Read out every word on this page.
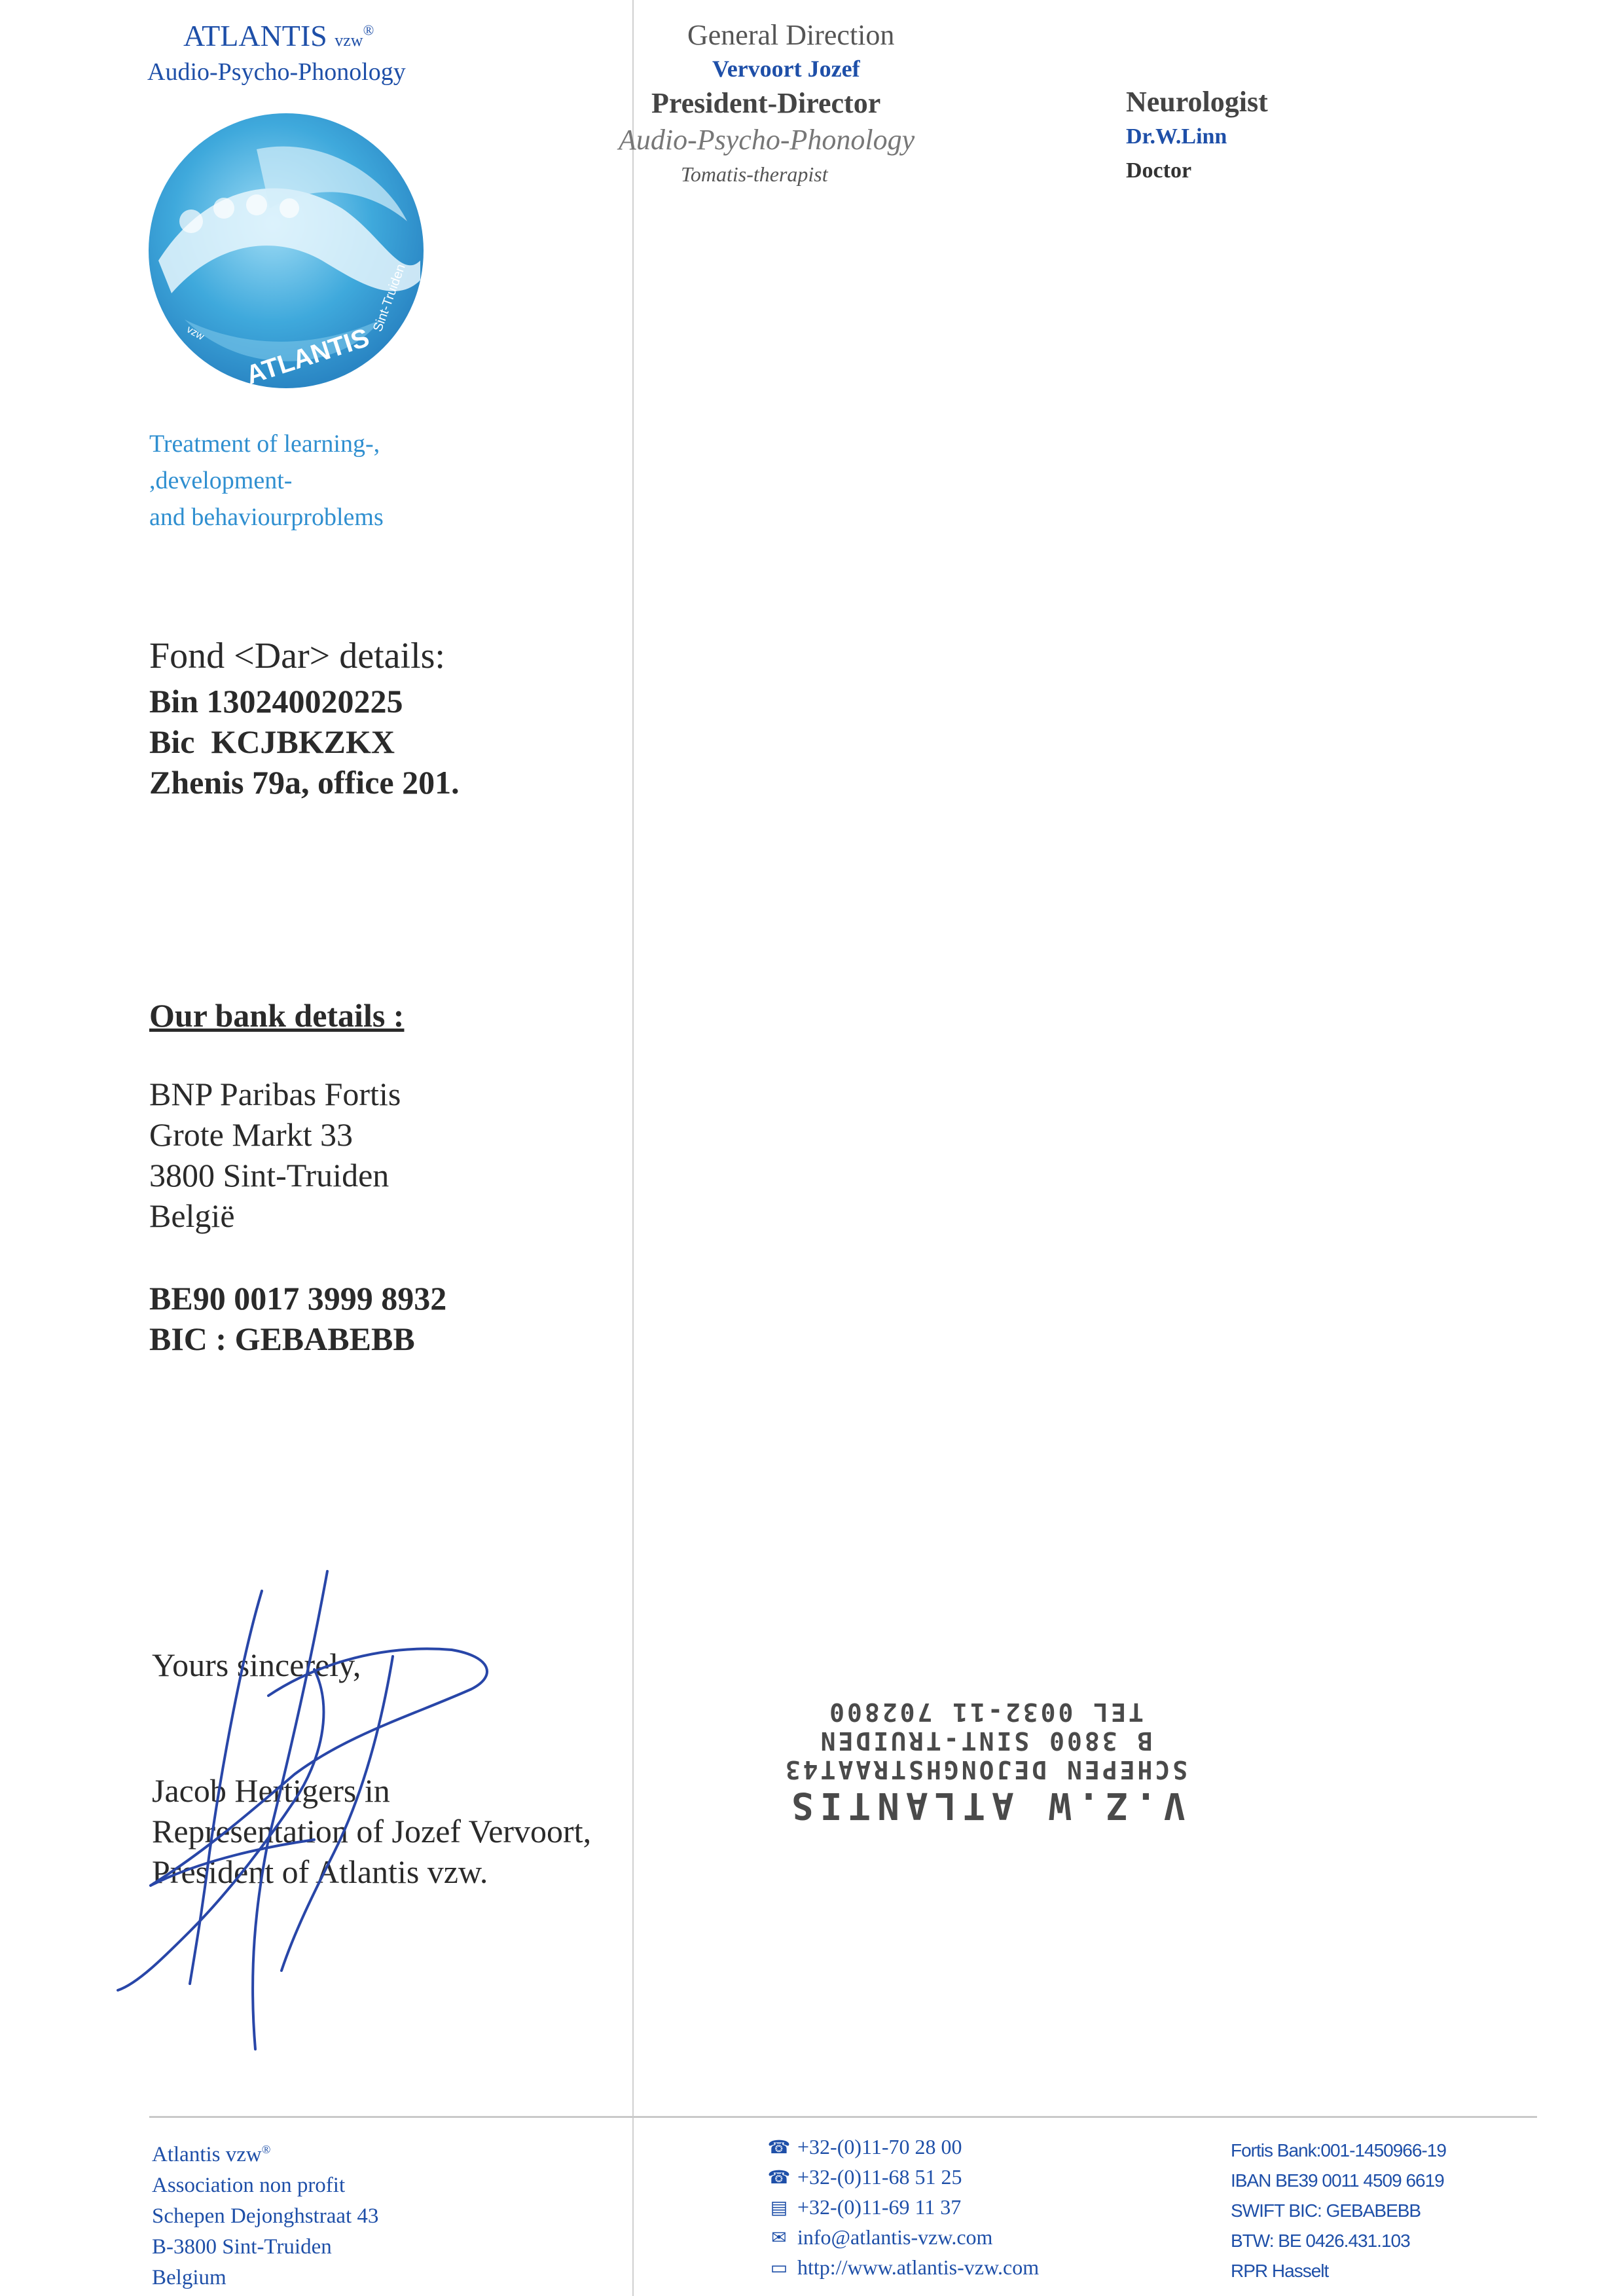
ATLANTIS vzw®
Audio-Psycho-Phonology
ATLANTIS
vzw	Sint-Truiden
Treatment of learning-,
,development-
and behaviourproblems
General Direction
Vervoort Jozef
President-Director
Audio-Psycho-Phonology
Tomatis-therapist
Neurologist
Dr.W.Linn
Doctor
Fond <Dar> details:
Bin 130240020225
Bic  KCJBKZKX
Zhenis 79a, office 201.
Our bank details :
BNP Paribas Fortis
Grote Markt 33
3800 Sint-Truiden
België
BE90 0017 3999 8932
BIC : GEBABEBB
Yours sincerely,
Jacob Hertigers in
Representation of Jozef Vervoort,
President of Atlantis vzw.
V.Z.W ATLANTIS
SCHEPEN DEJONGHSTRAAT43
B 3800 SINT-TRUIDEN
TEL 0032-11 702800
Atlantis vzw®
Association non profit
Schepen Dejonghstraat 43
B-3800 Sint-Truiden
Belgium
☎ +32-(0)11-70 28 00
☎ +32-(0)11-68 51 25
▤ +32-(0)11-69 11 37
✉ info@atlantis-vzw.com
▭ http://www.atlantis-vzw.com
Fortis Bank:001-1450966-19
IBAN BE39 0011 4509 6619
SWIFT BIC: GEBABEBB
BTW: BE 0426.431.103
RPR Hasselt
